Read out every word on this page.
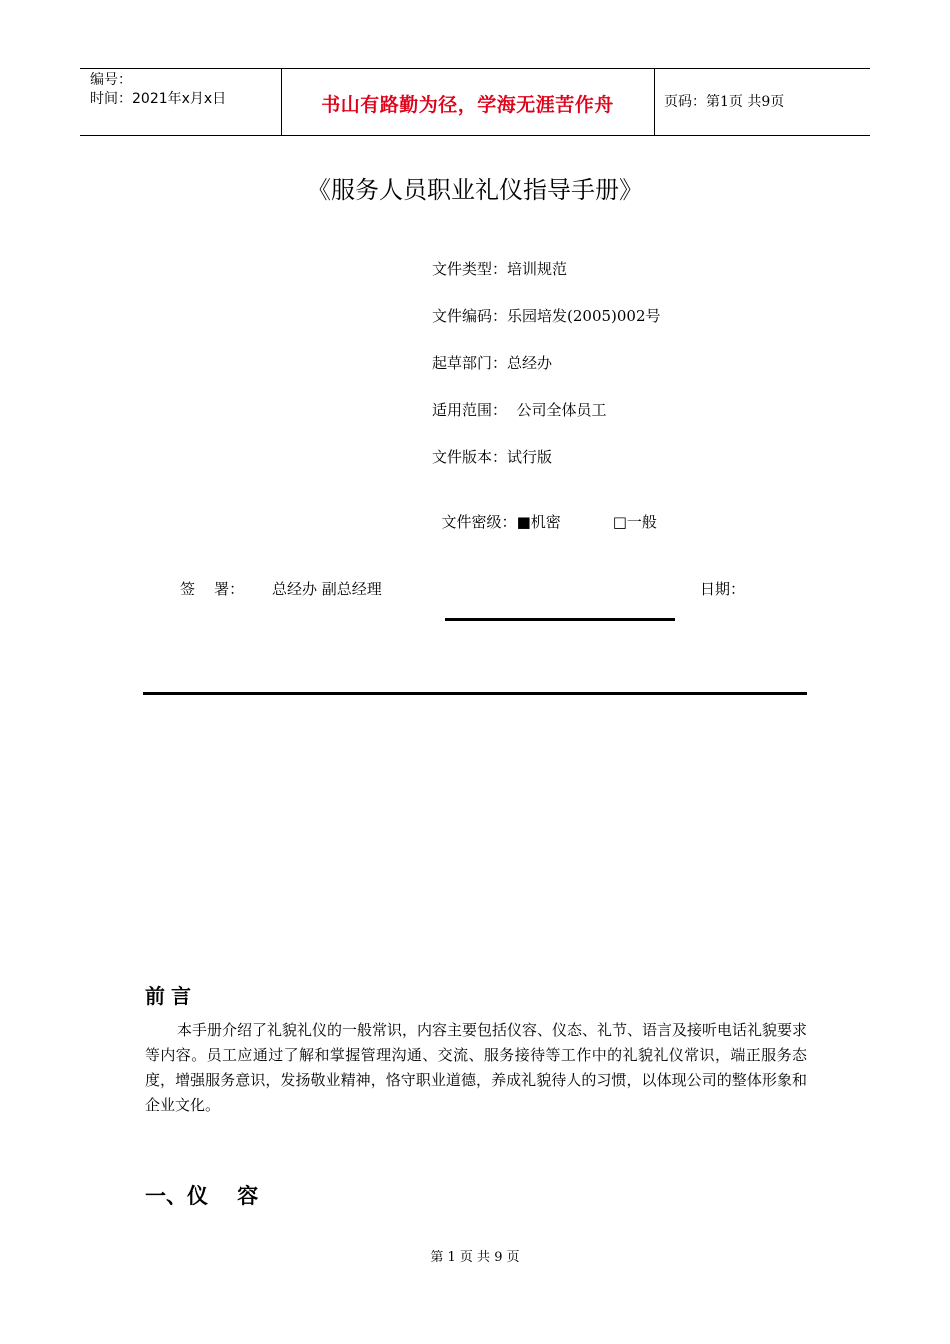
编号：
时间：2021年x月x日	书山有路勤为径，学海无涯苦作舟	页码：第1页 共9页
《服务人员职业礼仪指导手册》
文件类型：培训规范
文件编码：乐园培发(2005)002号
起草部门：总经办
适用范围：  公司全体员工
文件版本：试行版

文件密级：■机密	□一般

签    署： 总经办 副总经理	日期：
前言
本手册介绍了礼貌礼仪的一般常识，内容主要包括仪容、仪态、礼节、语言及接听电话礼貌要求等内容。员工应通过了解和掌握管理沟通、交流、服务接待等工作中的礼貌礼仪常识，端正服务态度，增强服务意识，发扬敬业精神，恪守职业道德，养成礼貌待人的习惯，以体现公司的整体形象和企业文化。
一、仪    容
第 1 页 共 9 页
